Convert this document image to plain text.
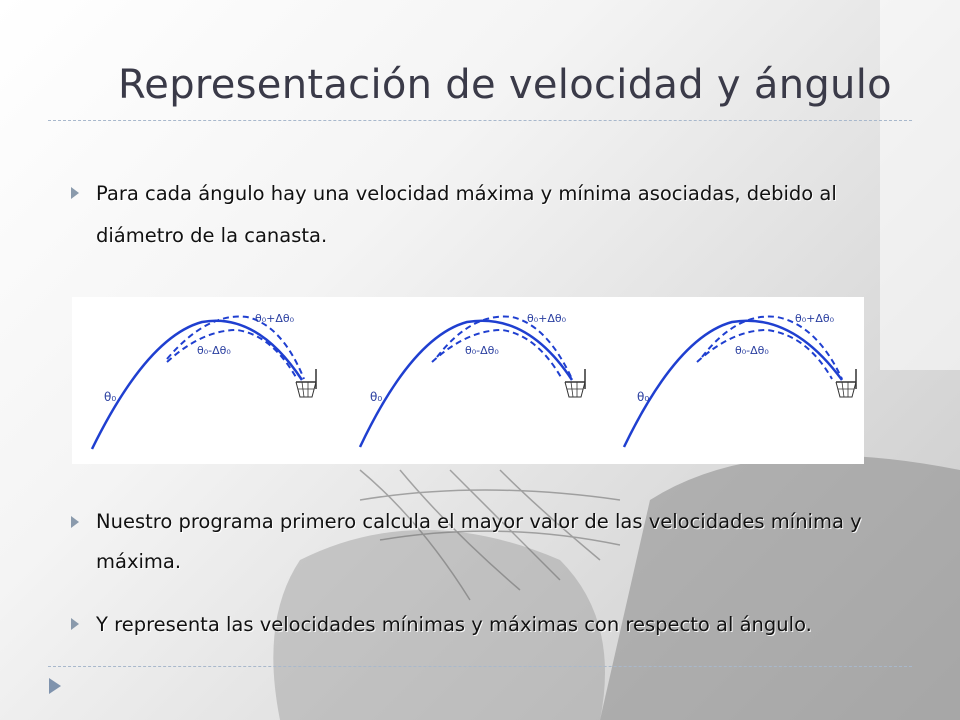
Representación de velocidad y ángulo
Para cada ángulo hay una velocidad máxima y mínima asociadas, debido al diámetro de la canasta.
θ₀+Δθ₀
θ₀-Δθ₀
θ₀
θ₀+Δθ₀
θ₀-Δθ₀
θ₀
θ₀+Δθ₀
θ₀-Δθ₀
θ₀
Nuestro programa primero calcula el mayor valor de las velocidades mínima y máxima.
Y representa las velocidades mínimas y máximas con respecto al ángulo.
